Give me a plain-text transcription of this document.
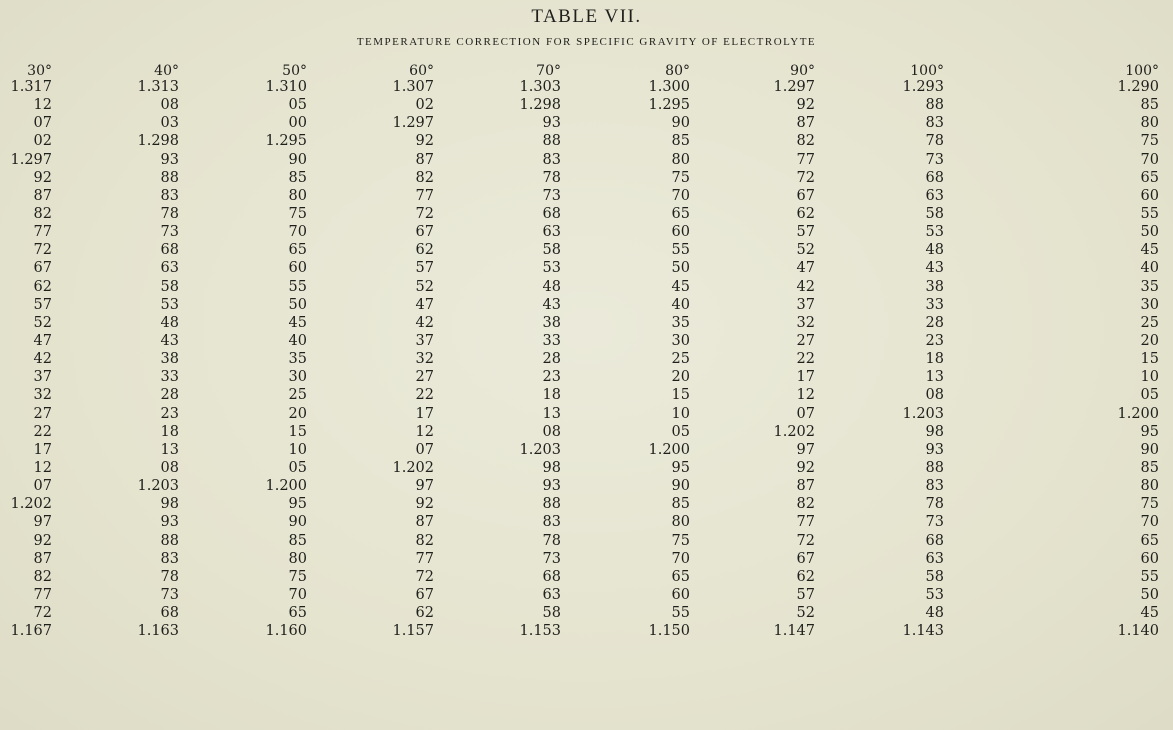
TABLE VII.
TEMPERATURE CORRECTION FOR SPECIFIC GRAVITY OF ELECTROLYTE
30°
1.317
12
07
02
1.297
92
87
82
77
72
67
62
57
52
47
42
37
32
27
22
17
12
07
1.202
97
92
87
82
77
72
1.167
40°
1.313
08
03
1.298
93
88
83
78
73
68
63
58
53
48
43
38
33
28
23
18
13
08
1.203
98
93
88
83
78
73
68
1.163
50°
1.310
05
00
1.295
90
85
80
75
70
65
60
55
50
45
40
35
30
25
20
15
10
05
1.200
95
90
85
80
75
70
65
1.160
60°
1.307
02
1.297
92
87
82
77
72
67
62
57
52
47
42
37
32
27
22
17
12
07
1.202
97
92
87
82
77
72
67
62
1.157
70°
1.303
1.298
93
88
83
78
73
68
63
58
53
48
43
38
33
28
23
18
13
08
1.203
98
93
88
83
78
73
68
63
58
1.153
80°
1.300
1.295
90
85
80
75
70
65
60
55
50
45
40
35
30
25
20
15
10
05
1.200
95
90
85
80
75
70
65
60
55
1.150
90°
1.297
92
87
82
77
72
67
62
57
52
47
42
37
32
27
22
17
12
07
1.202
97
92
87
82
77
72
67
62
57
52
1.147
100°
1.293
88
83
78
73
68
63
58
53
48
43
38
33
28
23
18
13
08
1.203
98
93
88
83
78
73
68
63
58
53
48
1.143
100°
1.290
85
80
75
70
65
60
55
50
45
40
35
30
25
20
15
10
05
1.200
95
90
85
80
75
70
65
60
55
50
45
1.140
